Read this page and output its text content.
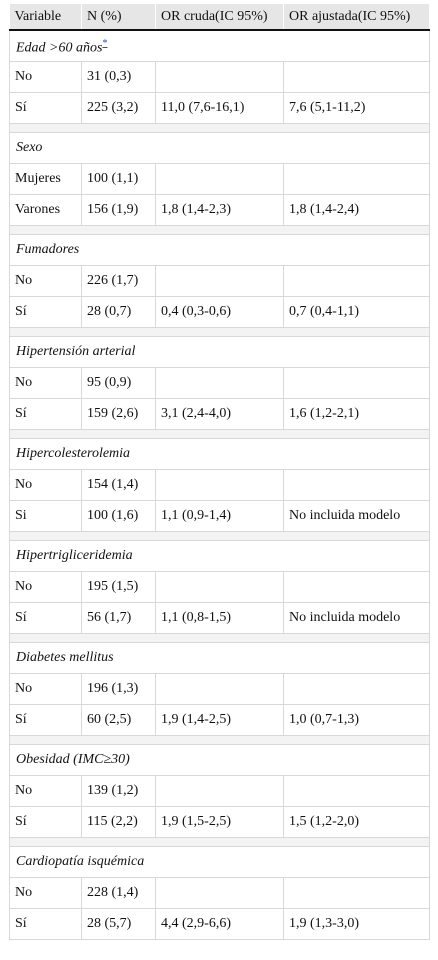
Variable	N (%)	OR cruda(IC 95%)	OR ajustada(IC 95%)
Edad >60 años*
No	31 (0,3)		
Sí	225 (3,2)	11,0 (7,6-16,1)	7,6 (5,1-11,2)

Sexo			
Mujeres	100 (1,1)		
Varones	156 (1,9)	1,8 (1,4-2,3)	1,8 (1,4-2,4)

Fumadores			
No	226 (1,7)		
Sí	28 (0,7)	0,4 (0,3-0,6)	0,7 (0,4-1,1)

Hipertensión arterial			
No	95 (0,9)		
Sí	159 (2,6)	3,1 (2,4-4,0)	1,6 (1,2-2,1)

Hipercolesterolemia			
No	154 (1,4)		
Si	100 (1,6)	1,1 (0,9-1,4)	No incluida modelo

Hipertrigliceridemia			
No	195 (1,5)		
Sí	56 (1,7)	1,1 (0,8-1,5)	No incluida modelo

Diabetes mellitus			
No	196 (1,3)		
Sí	60 (2,5)	1,9 (1,4-2,5)	1,0 (0,7-1,3)

Obesidad (IMC≥30)			
No	139 (1,2)		
Sí	115 (2,2)	1,9 (1,5-2,5)	1,5 (1,2-2,0)

Cardiopatía isquémica			
No	228 (1,4)		
Sí	28 (5,7)	4,4 (2,9-6,6)	1,9 (1,3-3,0)
